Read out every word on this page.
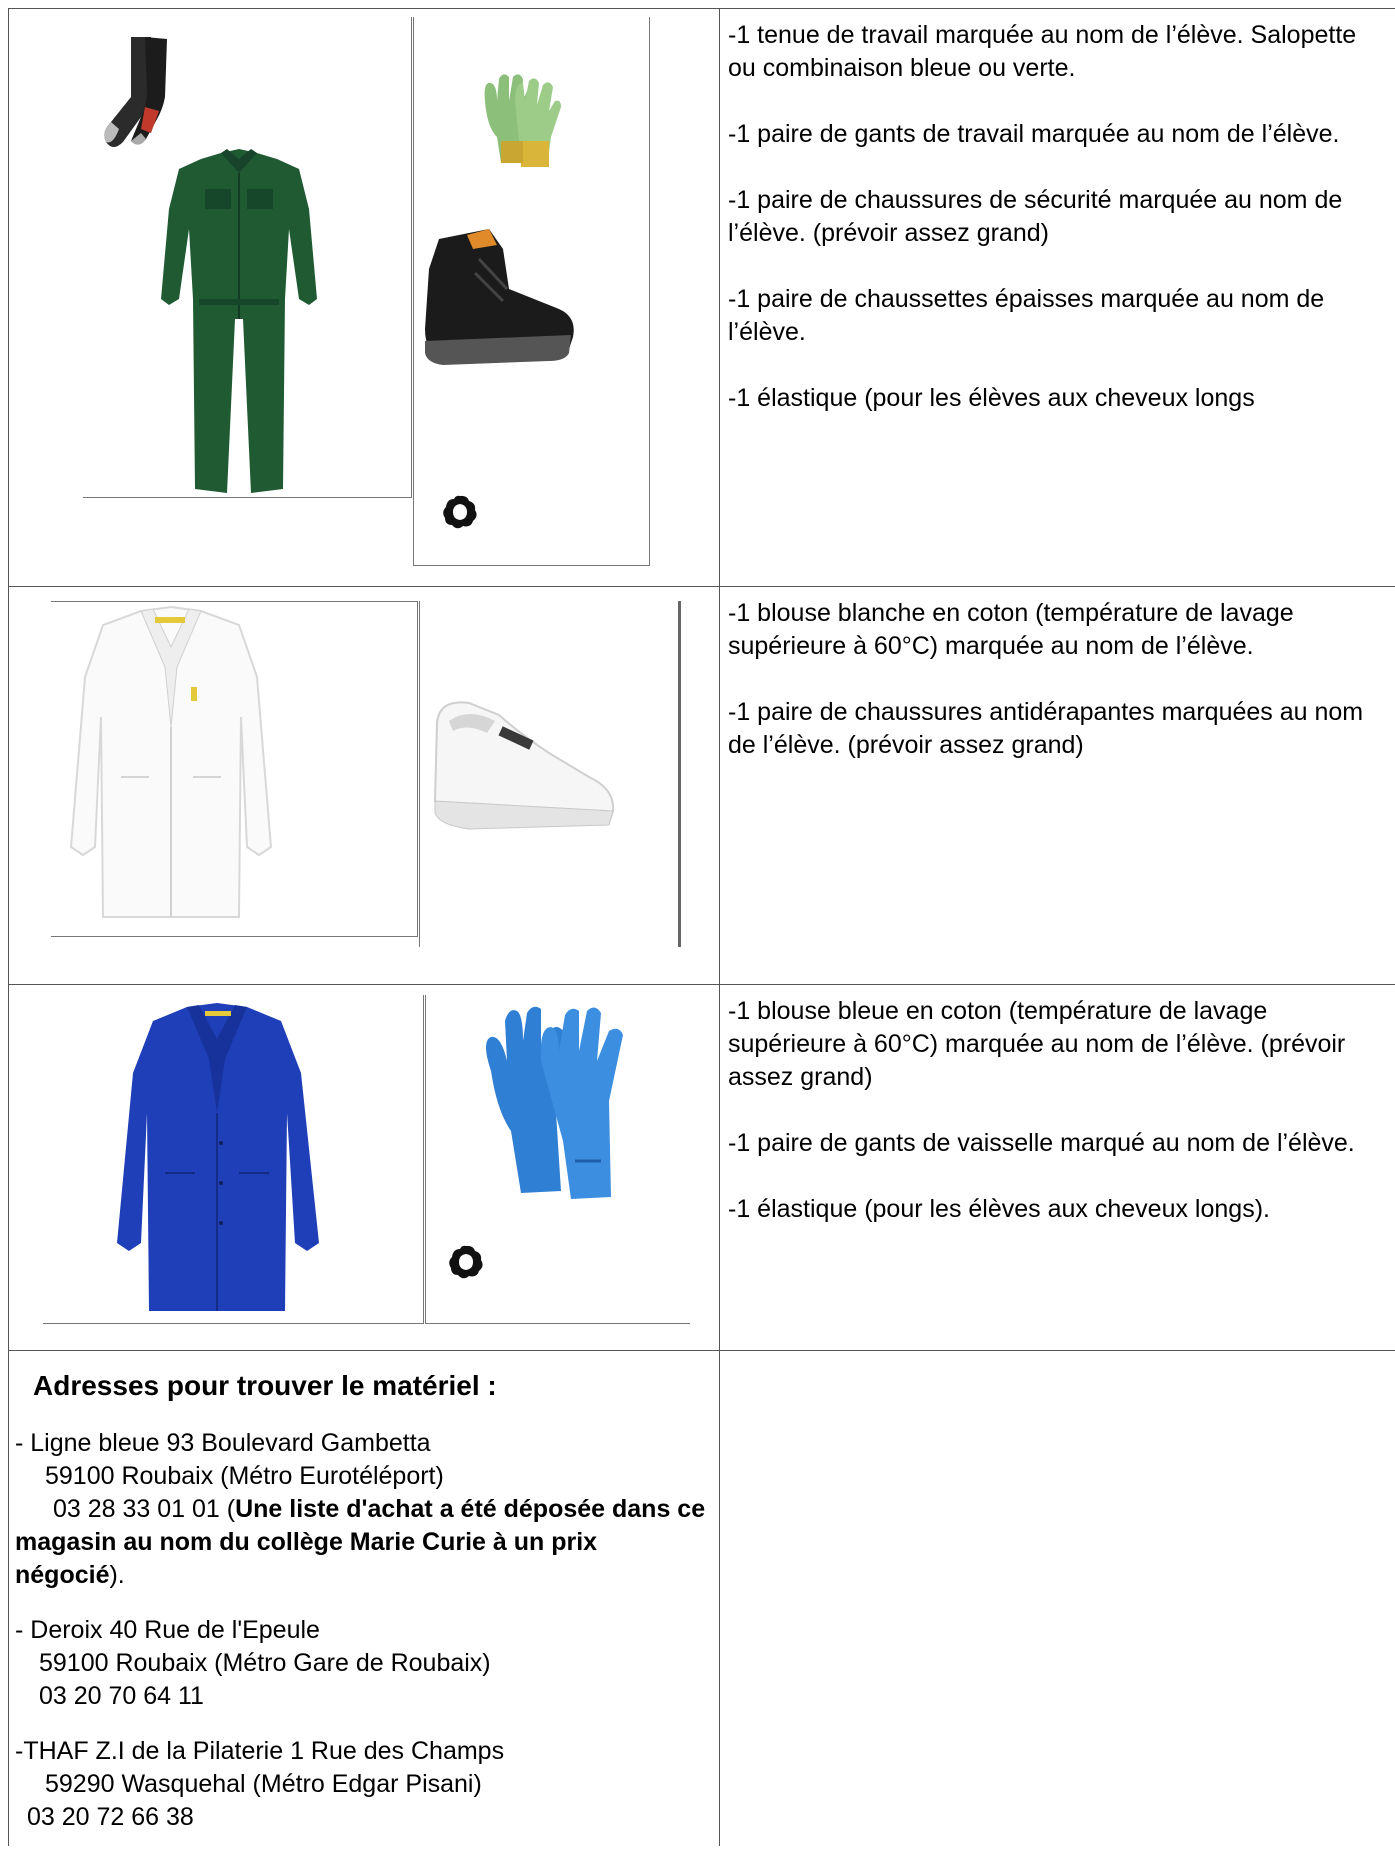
-1 tenue de travail marquée au nom de l’élève. Salopette ou combinaison bleue ou verte.

-1 paire de gants de travail marquée au nom de l’élève.

-1 paire de chaussures de sécurité marquée au nom de l’élève. (prévoir assez grand)

-1 paire de chaussettes épaisses marquée au nom de l’élève.

-1 élastique (pour les élèves aux cheveux longs

-1 blouse blanche en coton (température de lavage supérieure à 60°C) marquée au nom de l’élève.

-1 paire de chaussures antidérapantes marquées au nom de l’élève. (prévoir assez grand)

-1 blouse bleue en coton (température de lavage supérieure à 60°C) marquée au nom de l’élève. (prévoir assez grand)

-1 paire de gants de vaisselle marqué au nom de l’élève.

-1 élastique (pour les élèves aux cheveux longs).

Adresses pour trouver le matériel :

- Ligne bleue 93 Boulevard Gambetta
59100 Roubaix (Métro Eurotéléport)
03 28 33 01 01 (Une liste d'achat a été déposée dans ce magasin au nom du collège Marie Curie à un prix négocié).

- Deroix 40 Rue de l'Epeule
59100 Roubaix (Métro Gare de Roubaix)
03 20 70 64 11

-THAF Z.I de la Pilaterie 1 Rue des Champs
59290 Wasquehal (Métro Edgar Pisani)
03 20 72 66 38
